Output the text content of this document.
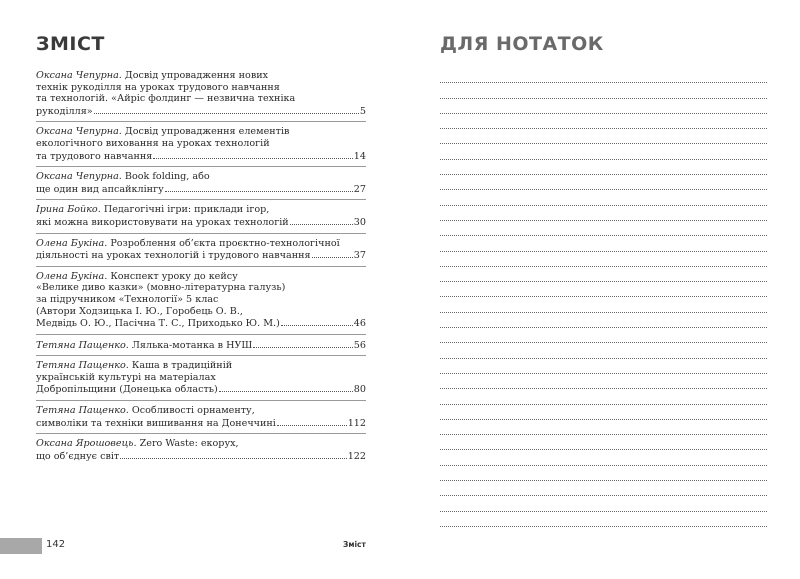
ЗМІСТ	ДЛЯ НОТАТОК
Оксана Чепурна. Досвід упровадження нових
технік рукоділля на уроках трудового навчання
та технологій. «Айріс фолдинг — незвична техніка
рукоділля»	5
Оксана Чепурна. Досвід упровадження елементів
екологічного виховання на уроках технологій
та трудового навчання	14
Оксана Чепурна. Book folding, або
ще один вид апсайклінгу	27
Ірина Бойко. Педагогічні ігри: приклади ігор,
які можна використовувати на уроках технологій	30
Олена Букіна. Розроблення об’єкта проєктно-технологічної
діяльності на уроках технологій і трудового навчання	37
Олена Букіна. Конспект уроку до кейсу
«Велике диво казки» (мовно-літературна галузь)
за підручником «Технології» 5 клас
(Автори Ходзицька І. Ю., Горобець О. В.,
Медвідь О. Ю., Пасічна Т. С., Приходько Ю. М.)	46
Тетяна Пащенко. Лялька-мотанка в НУШ	56
Тетяна Пащенко. Каша в традиційній
українській культурі на матеріалах
Добропільщини (Донецька область)	80
Тетяна Пащенко. Особливості орнаменту,
символіки та техніки вишивання на Донеччині	112
Оксана Ярошовець. Zero Waste: екорух,
що об’єднує світ	122
142	Зміст
